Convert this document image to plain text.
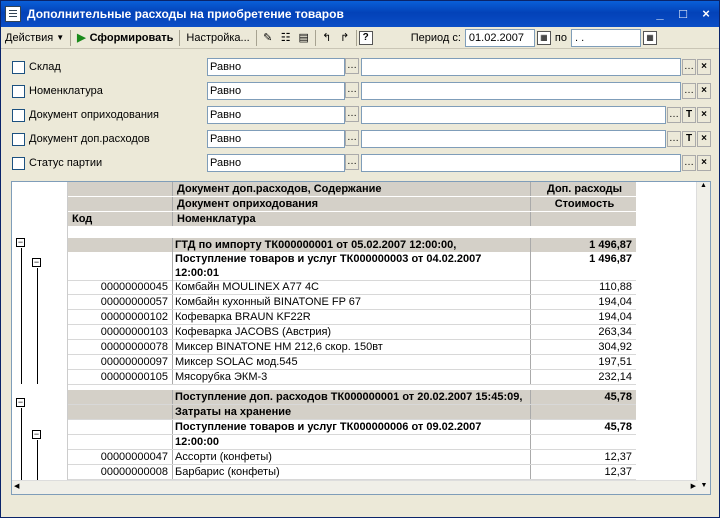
Дополнительные расходы на приобретение товаров	_	□	×
Действия ▼ ▶ Сформировать	Настройка...	✎ ☷ ▤	↰ ↱	?	Период с: 01.02.2007	▦ по . .	▦
Склад	Равно	…	… ×
Номенклатура	Равно	…	… ×
Документ оприходования	Равно	…	… T ×
Документ доп.расходов	Равно	…	… T ×
Статус партии	Равно	…	… ×
Документ доп.расходов, Содержание	Доп. расходы
Документ оприходования	Стоимость
Код	Номенклатура
ГТД по импорту ТК000000001 от 05.02.2007 12:00:00,	1 496,87
Поступление товаров и услуг ТК000000003 от 04.02.2007	1 496,87
12:00:01
00000000045 Комбайн MOULINEX A77 4C	110,88
00000000057 Комбайн кухонный BINATONE FP 67	194,04
00000000102 Кофеварка BRAUN KF22R	194,04
00000000103 Кофеварка JACOBS (Австрия)	263,34
00000000078 Миксер BINATONE HM 212,6 скор. 150вт	304,92
00000000097 Миксер SOLAC мод.545	197,51
00000000105 Мясорубка ЭКМ-3	232,14
Поступление доп. расходов ТК000000001 от 20.02.2007 15:45:09,	45,78
Затраты на хранение
Поступление товаров и услуг ТК000000006 от 09.02.2007	45,78
12:00:00
00000000047 Ассорти (конфеты)	12,37
00000000008 Барбарис (конфеты)	12,37
−
−
−
−
▲
▼
◀	▶
